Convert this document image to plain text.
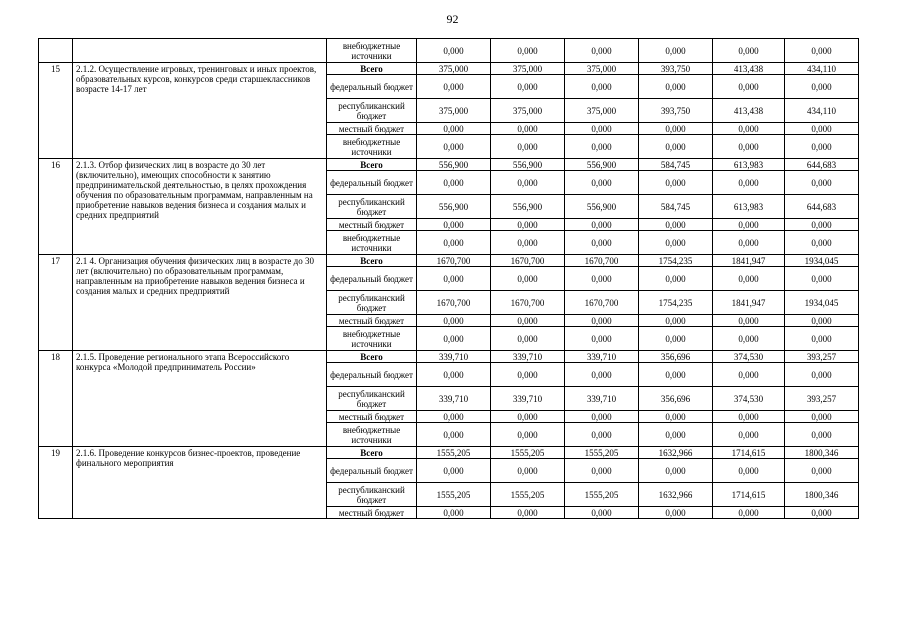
92
		внебюджетные источники	0,000	0,000	0,000	0,000	0,000	0,000
15	2.1.2. Осуществление игровых, тренинговых и иных проектов, образовательных курсов, конкурсов среди старшеклассников возрасте 14-17 лет	Всего	375,000	375,000	375,000	393,750	413,438	434,110
		федеральный бюджет	0,000	0,000	0,000	0,000	0,000	0,000
		республиканский бюджет	375,000	375,000	375,000	393,750	413,438	434,110
		местный бюджет	0,000	0,000	0,000	0,000	0,000	0,000
		внебюджетные источники	0,000	0,000	0,000	0,000	0,000	0,000
16	2.1.3. Отбор физических лиц в возрасте до 30 лет (включительно), имеющих способности к занятию предпринимательской деятельностью, в целях прохождения обучения по образовательным программам, направленным на приобретение навыков ведения бизнеса и создания малых и средних предприятий	Всего	556,900	556,900	556,900	584,745	613,983	644,683
		федеральный бюджет	0,000	0,000	0,000	0,000	0,000	0,000
		республиканский бюджет	556,900	556,900	556,900	584,745	613,983	644,683
		местный бюджет	0,000	0,000	0,000	0,000	0,000	0,000
		внебюджетные источники	0,000	0,000	0,000	0,000	0,000	0,000
17	2.1 4. Организация обучения физических лиц в возрасте до 30 лет (включительно) по образовательным программам, направленным на приобретение навыков ведения бизнеса и создания малых и средних предприятий	Всего	1670,700	1670,700	1670,700	1754,235	1841,947	1934,045
		федеральный бюджет	0,000	0,000	0,000	0,000	0,000	0,000
		республиканский бюджет	1670,700	1670,700	1670,700	1754,235	1841,947	1934,045
		местный бюджет	0,000	0,000	0,000	0,000	0,000	0,000
		внебюджетные источники	0,000	0,000	0,000	0,000	0,000	0,000
18	2.1.5. Проведение регионального этапа Всероссийского конкурса «Молодой предприниматель России»	Всего	339,710	339,710	339,710	356,696	374,530	393,257
		федеральный бюджет	0,000	0,000	0,000	0,000	0,000	0,000
		республиканский бюджет	339,710	339,710	339,710	356,696	374,530	393,257
		местный бюджет	0,000	0,000	0,000	0,000	0,000	0,000
		внебюджетные источники	0,000	0,000	0,000	0,000	0,000	0,000
19	2.1.6. Проведение конкурсов бизнес-проектов, проведение финального мероприятия	Всего	1555,205	1555,205	1555,205	1632,966	1714,615	1800,346
		федеральный бюджет	0,000	0,000	0,000	0,000	0,000	0,000
		республиканский бюджет	1555,205	1555,205	1555,205	1632,966	1714,615	1800,346
		местный бюджет	0,000	0,000	0,000	0,000	0,000	0,000
